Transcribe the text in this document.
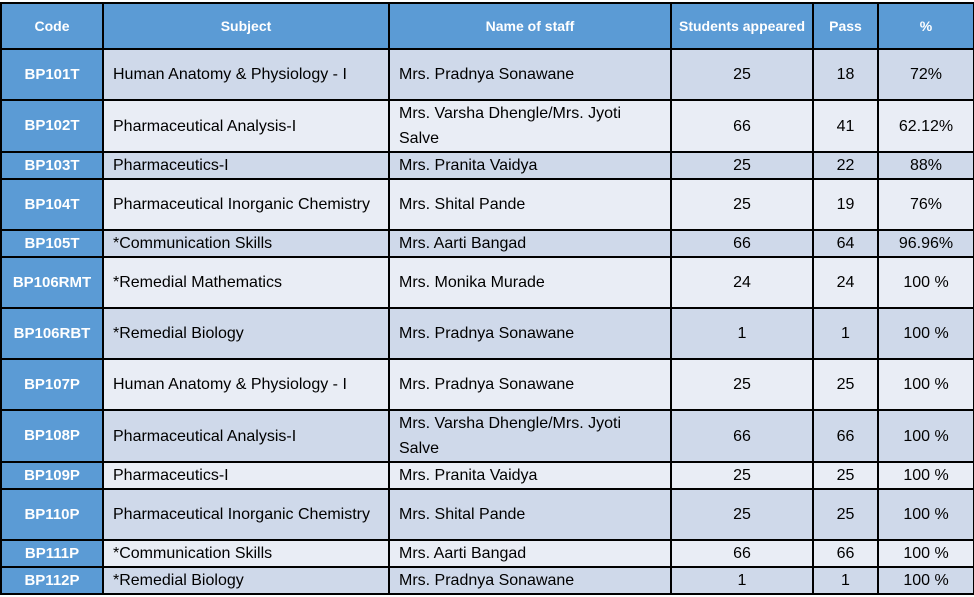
Code	Subject	Name of staff	Students appeared	Pass	%
BP101T	Human Anatomy & Physiology - I	Mrs. Pradnya Sonawane	25	18	72%
BP102T	Pharmaceutical Analysis-I	Mrs. Varsha Dhengle/Mrs. Jyoti Salve	66	41	62.12%
BP103T	Pharmaceutics-I	Mrs. Pranita Vaidya	25	22	88%
BP104T	Pharmaceutical Inorganic Chemistry	Mrs. Shital Pande	25	19	76%
BP105T	*Communication Skills	Mrs. Aarti Bangad	66	64	96.96%
BP106RMT	*Remedial Mathematics	Mrs. Monika Murade	24	24	100 %
BP106RBT	*Remedial Biology	Mrs. Pradnya Sonawane	1	1	100 %
BP107P	Human Anatomy & Physiology - I	Mrs. Pradnya Sonawane	25	25	100 %
BP108P	Pharmaceutical Analysis-I	Mrs. Varsha Dhengle/Mrs. Jyoti Salve	66	66	100 %
BP109P	Pharmaceutics-I	Mrs. Pranita Vaidya	25	25	100 %
BP110P	Pharmaceutical Inorganic Chemistry	Mrs. Shital Pande	25	25	100 %
BP111P	*Communication Skills	Mrs. Aarti Bangad	66	66	100 %
BP112P	*Remedial Biology	Mrs. Pradnya Sonawane	1	1	100 %
